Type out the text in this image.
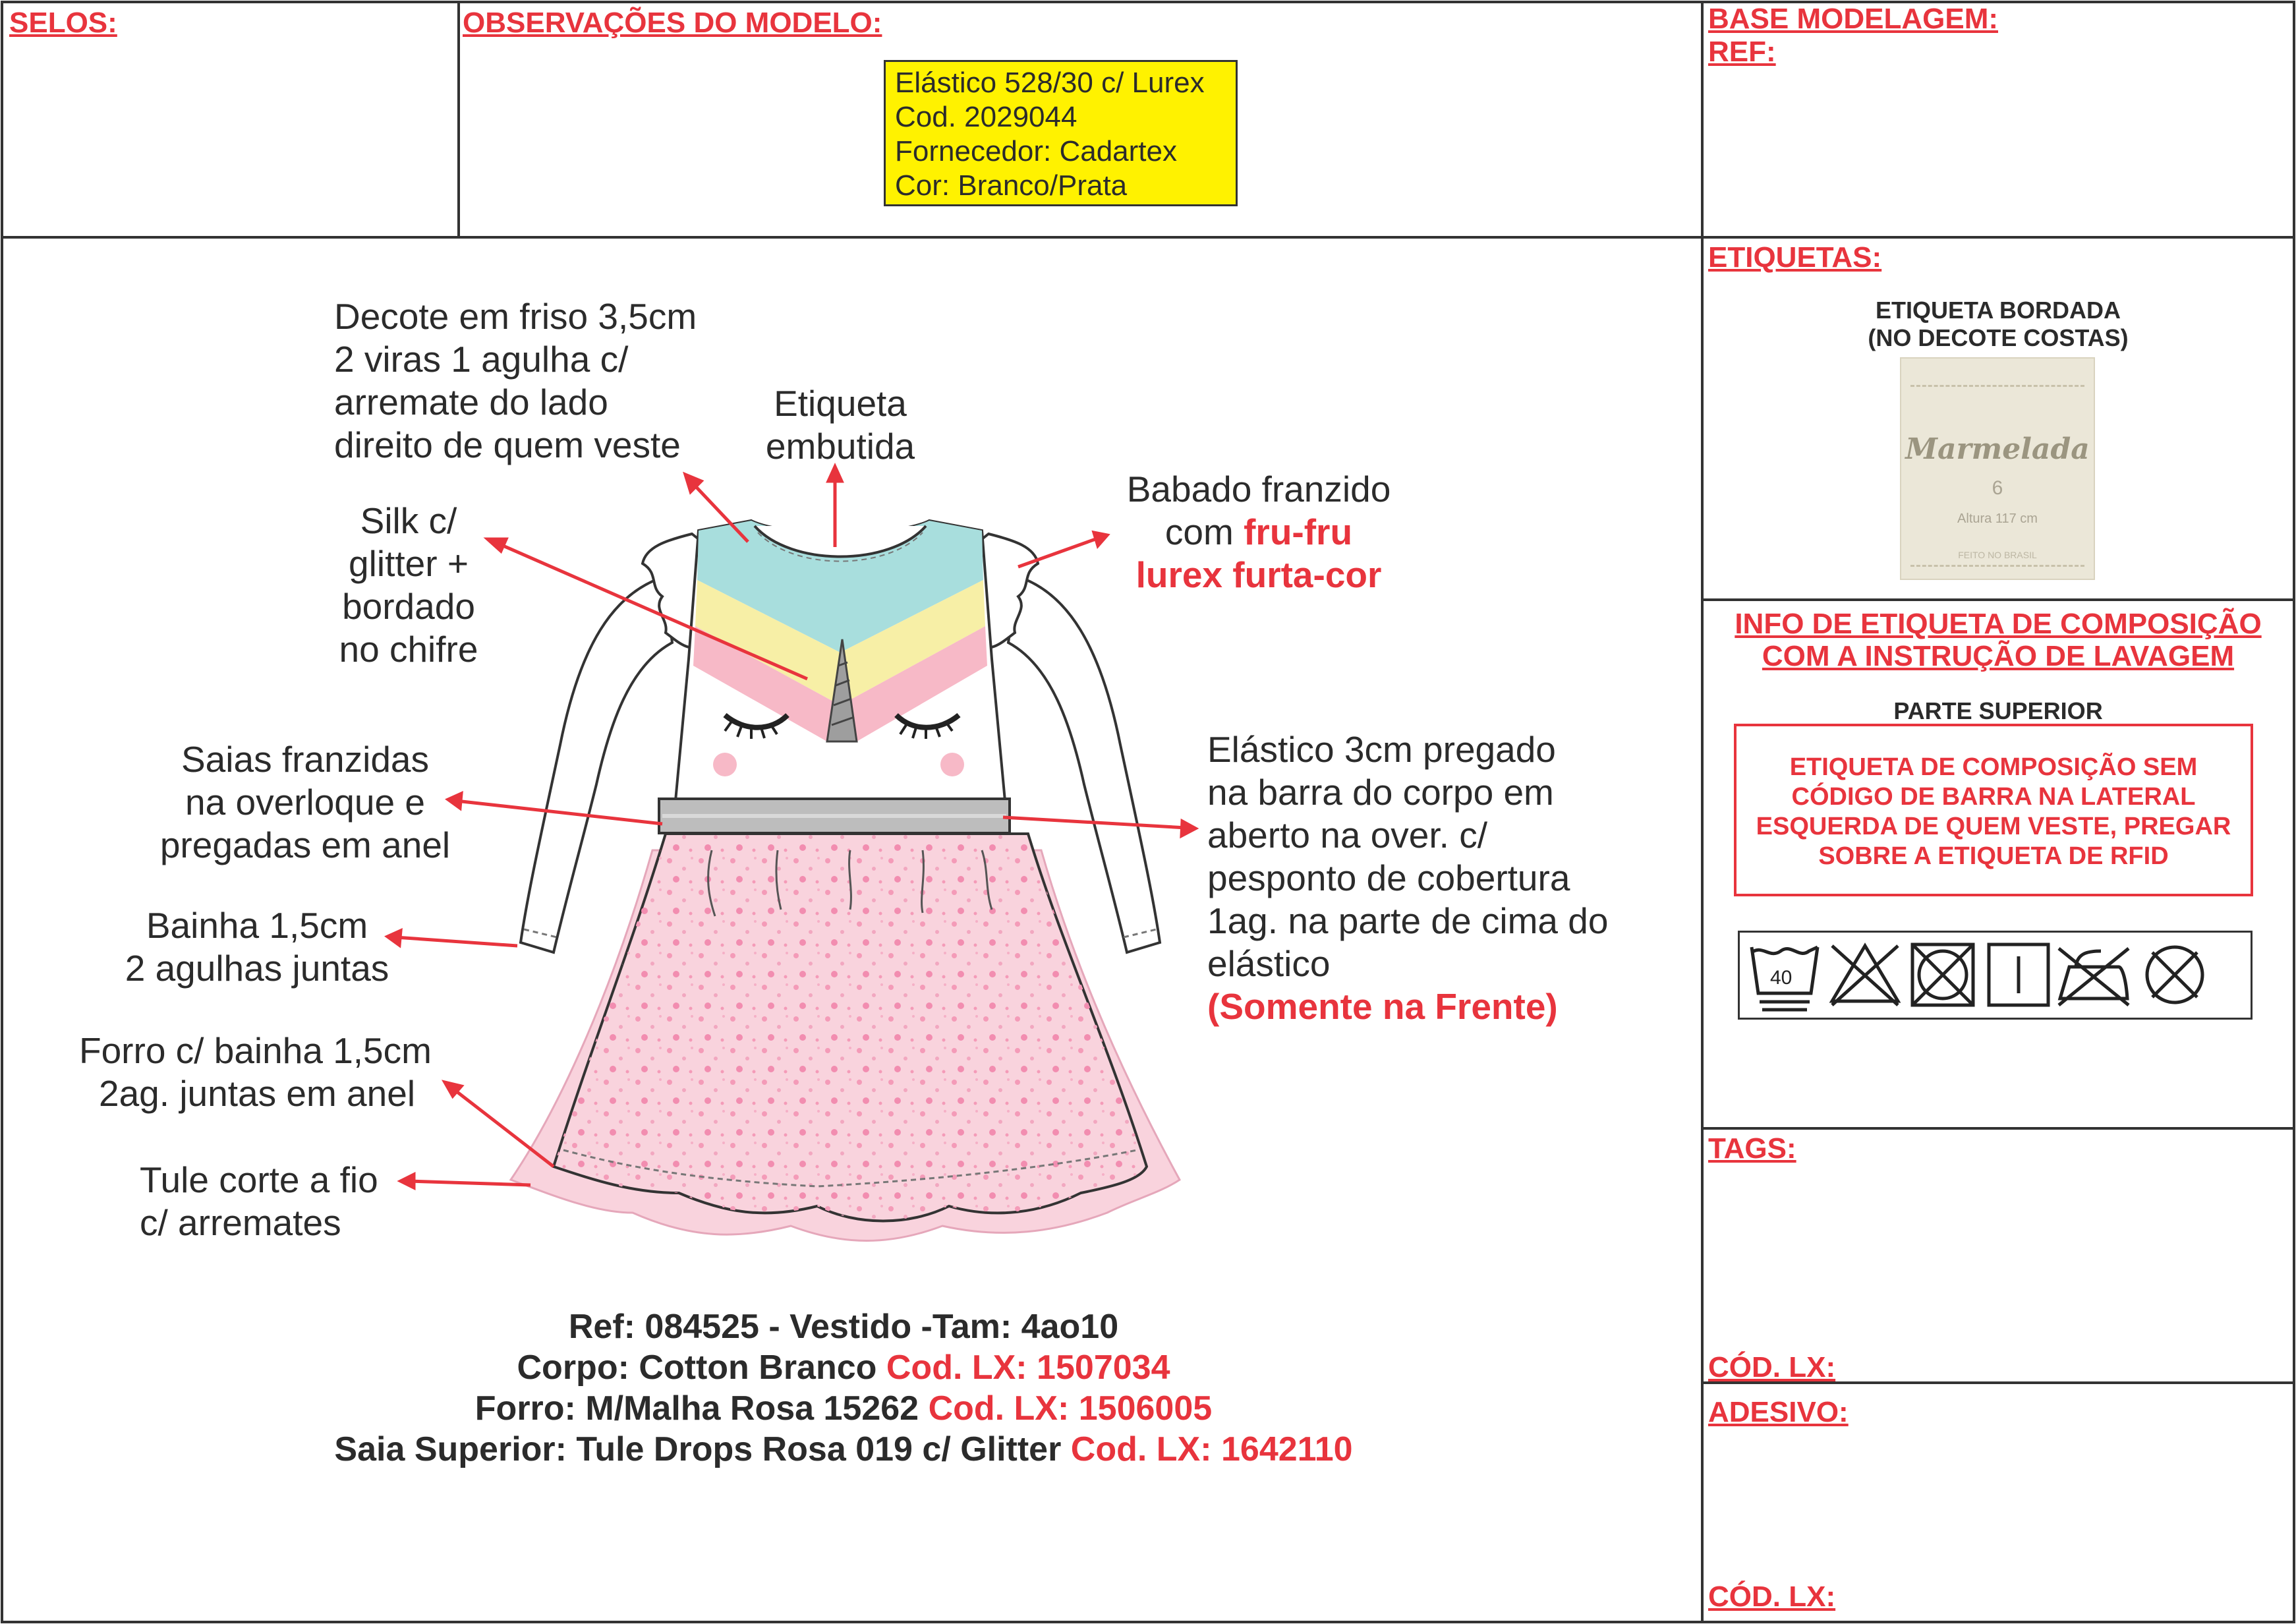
SELOS:	OBSERVAÇÕES DO MODELO:	BASE MODELAGEM:
REF:
ETIQUETAS:
INFO DE ETIQUETA DE COMPOSIÇÃO
COM A INSTRUÇÃO DE LAVAGEM
TAGS:
CÓD. LX:
ADESIVO:
CÓD. LX:
Elástico 528/30 c/ Lurex
Cod. 2029044
Fornecedor: Cadartex
Cor: Branco/Prata
Decote em friso 3,5cm
2 viras 1 agulha c/
arremate do lado
direito de quem veste
Etiqueta
embutida
Babado franzido
com fru-fru
lurex furta-cor
Silk c/
glitter +
bordado
no chifre
Saias franzidas
na overloque e
pregadas em anel
Elástico 3cm pregado
na barra do corpo em
aberto na over. c/
pesponto de cobertura
1ag. na parte de cima do
elástico
(Somente na Frente)
Bainha 1,5cm
2 agulhas juntas
Forro c/ bainha 1,5cm
2ag. juntas em anel
Tule corte a fio
c/ arremates
Ref: 084525 - Vestido -Tam: 4ao10
Corpo: Cotton Branco Cod. LX: 1507034
Forro: M/Malha Rosa 15262 Cod. LX: 1506005
Saia Superior: Tule Drops Rosa 019 c/ Glitter Cod. LX: 1642110
ETIQUETA BORDADA
(NO DECOTE COSTAS)
Marmelada
6
Altura 117 cm
FEITO NO BRASIL
PARTE SUPERIOR
ETIQUETA DE COMPOSIÇÃO SEM
CÓDIGO DE BARRA NA LATERAL
ESQUERDA DE QUEM VESTE, PREGAR
SOBRE A ETIQUETA DE RFID
40
